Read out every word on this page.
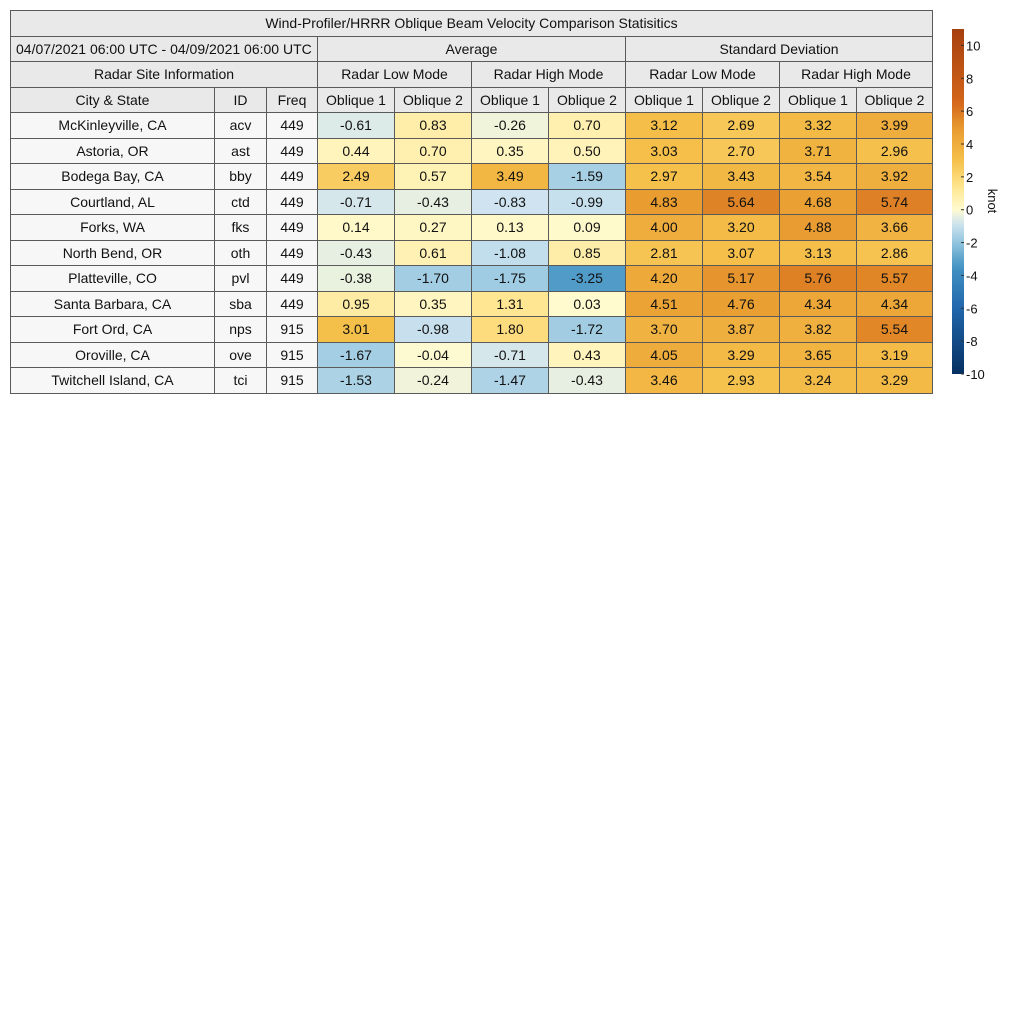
Wind-Profiler/HRRR Oblique Beam Velocity Comparison Statisitics										
04/07/2021 06:00 UTC - 04/09/2021 06:00 UTC			Average				Standard Deviation			
Radar Site Information			Radar Low Mode		Radar High Mode		Radar Low Mode		Radar High Mode	
City & State	ID	Freq	Oblique 1	Oblique 2	Oblique 1	Oblique 2	Oblique 1	Oblique 2	Oblique 1	Oblique 2
McKinleyville, CA	acv	449	-0.61	0.83	-0.26	0.70	3.12	2.69	3.32	3.99
Astoria, OR	ast	449	0.44	0.70	0.35	0.50	3.03	2.70	3.71	2.96
Bodega Bay, CA	bby	449	2.49	0.57	3.49	-1.59	2.97	3.43	3.54	3.92
Courtland, AL	ctd	449	-0.71	-0.43	-0.83	-0.99	4.83	5.64	4.68	5.74
Forks, WA	fks	449	0.14	0.27	0.13	0.09	4.00	3.20	4.88	3.66
North Bend, OR	oth	449	-0.43	0.61	-1.08	0.85	2.81	3.07	3.13	2.86
Platteville, CO	pvl	449	-0.38	-1.70	-1.75	-3.25	4.20	5.17	5.76	5.57
Santa Barbara, CA	sba	449	0.95	0.35	1.31	0.03	4.51	4.76	4.34	4.34
Fort Ord, CA	nps	915	3.01	-0.98	1.80	-1.72	3.70	3.87	3.82	5.54
Oroville, CA	ove	915	-1.67	-0.04	-0.71	0.43	4.05	3.29	3.65	3.19
Twitchell Island, CA	tci	915	-1.53	-0.24	-1.47	-0.43	3.46	2.93	3.24	3.29
10
8
6
4
2
0
-2
-4
-6
-8
-10
knot
